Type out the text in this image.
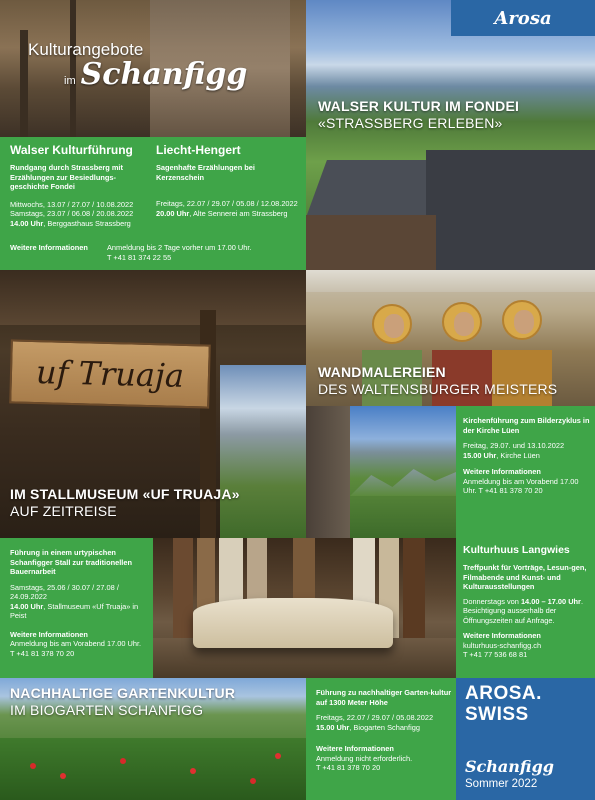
Kulturangebote
im Schanfigg
Arosa
WALSER KULTUR IM FONDEI
«STRASSBERG ERLEBEN»
Walser Kulturführung
Rundgang durch Strassberg mit Erzählungen zur Besiedlungs-geschichte Fondei
Mittwochs, 13.07 / 27.07 / 10.08.2022 Samstags, 23.07 / 06.08 / 20.08.2022
14.00 Uhr, Berggasthaus Strassberg
Liecht-Hengert
Sagenhafte Erzählungen bei Kerzenschein
Freitags, 22.07 / 29.07 / 05.08 / 12.08.2022
20.00 Uhr, Alte Sennerei am Strassberg
Weitere Informationen	Anmeldung bis 2 Tage vorher um 17.00 Uhr.
T +41 81 374 22 55
uf Truaja
IM STALLMUSEUM «UF TRUAJA»
AUF ZEITREISE
WANDMALEREIEN
DES WALTENSBURGER MEISTERS
Kirchenführung zum Bilderzyklus in der Kirche Lüen
Freitag, 29.07. und 13.10.2022
15.00 Uhr, Kirche Lüen
Weitere Informationen
Anmeldung bis am Vorabend 17.00 Uhr. T +41 81 378 70 20
Führung in einem urtypischen Schanfigger Stall zur traditionellen Bauernarbeit
Samstags, 25.06 / 30.07 / 27.08 / 24.09.2022
14.00 Uhr, Stallmuseum «Uf Truaja» in Peist
Weitere Informationen
Anmeldung bis am Vorabend 17.00 Uhr. T +41 81 378 70 20
Kulturhuus Langwies
Treffpunkt für Vorträge, Lesun-gen, Filmabende und Kunst- und Kulturausstellungen
Donnerstags von 14.00 – 17.00 Uhr. Besichtigung ausserhalb der Öffnungszeiten auf Anfrage.
Weitere Informationen
kulturhuus-schanfigg.ch
T +41 77 536 68 81
NACHHALTIGE GARTENKULTUR
IM BIOGARTEN SCHANFIGG
Führung zu nachhaltiger Garten-kultur auf 1300 Meter Höhe
Freitags, 22.07 / 29.07 / 05.08.2022
15.00 Uhr, Biogarten Schanfigg
Weitere Informationen
Anmeldung nicht erforderlich.
T +41 81 378 70 20
AROSA.
SWISS
Schanfigg
Sommer 2022
